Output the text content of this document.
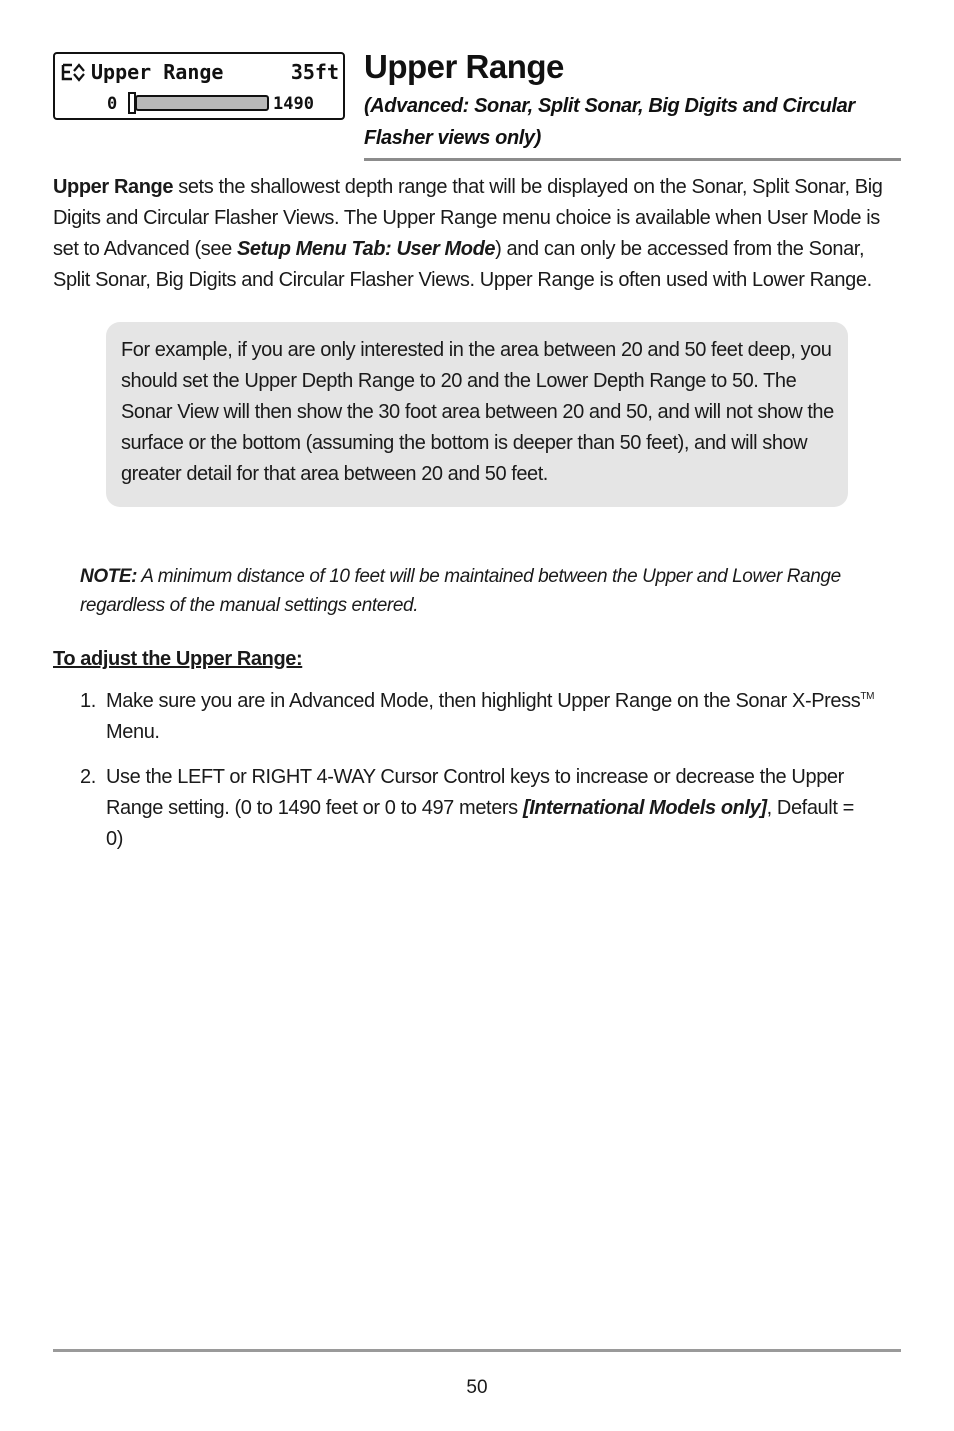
Upper Range	35ft
0	1490
Upper Range
(Advanced: Sonar, Split Sonar, Big Digits and Circular Flasher views only)

Upper Range sets the shallowest depth range that will be displayed on the Sonar, Split Sonar, Big Digits and Circular Flasher Views. The Upper Range menu choice is available when User Mode is set to Advanced (see Setup Menu Tab: User Mode) and can only be accessed from the Sonar, Split Sonar, Big Digits and Circular Flasher Views. Upper Range is often used with Lower Range.

For example, if you are only interested in the area between 20 and 50 feet deep, you should set the Upper Depth Range to 20 and the Lower Depth Range to 50. The Sonar View will then show the 30 foot area between 20 and 50, and will not show the surface or the bottom (assuming the bottom is deeper than 50 feet), and will show greater detail for that area between 20 and 50 feet.

NOTE: A minimum distance of 10 feet will be maintained between the Upper and Lower Range regardless of the manual settings entered.

To adjust the Upper Range:
1. Make sure you are in Advanced Mode, then highlight Upper Range on the Sonar X-Press™ Menu.
2. Use the LEFT or RIGHT 4-WAY Cursor Control keys to increase or decrease the Upper Range setting. (0 to 1490 feet or 0 to 497 meters [International Models only], Default = 0)
50
